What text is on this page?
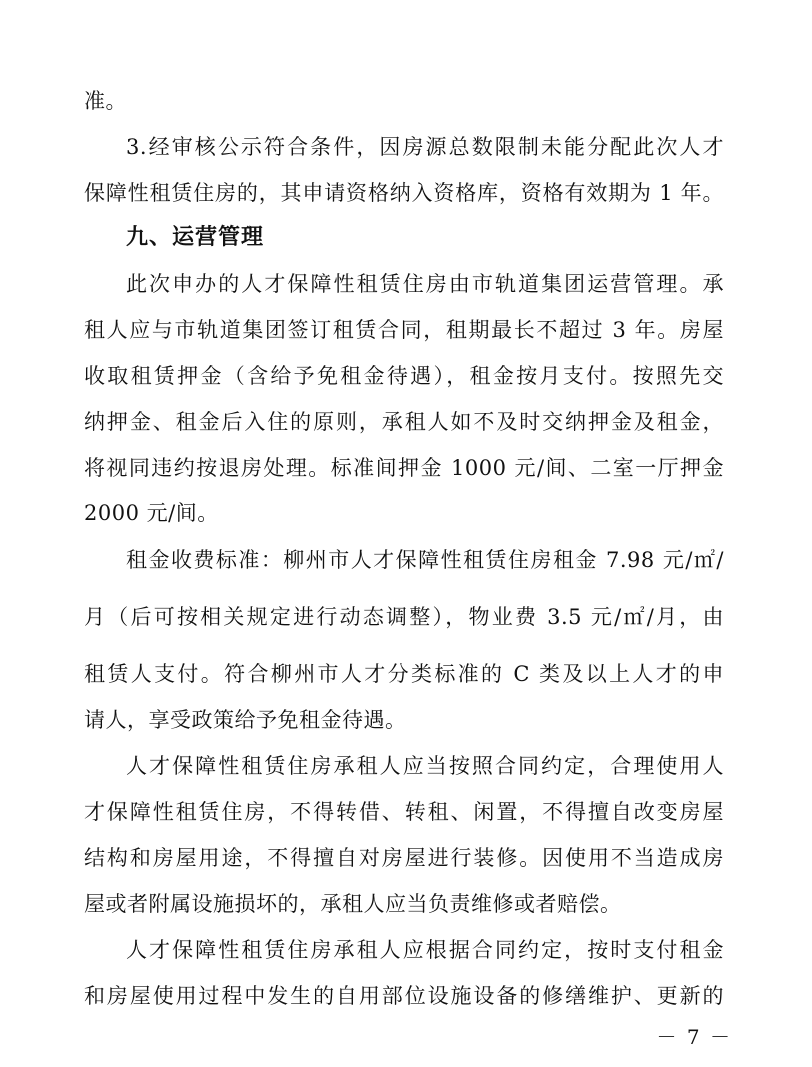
准。
3.经审核公示符合条件，因房源总数限制未能分配此次人才
保障性租赁住房的，其申请资格纳入资格库，资格有效期为 1 年。
九、运营管理
此次申办的人才保障性租赁住房由市轨道集团运营管理。承
租人应与市轨道集团签订租赁合同，租期最长不超过 3 年。房屋
收取租赁押金（含给予免租金待遇），租金按月支付。按照先交
纳押金、租金后入住的原则，承租人如不及时交纳押金及租金，
将视同违约按退房处理。标准间押金 1000 元/间、二室一厅押金
2000 元/间。
租金收费标准：柳州市人才保障性租赁住房租金 7.98 元/㎡/
月（后可按相关规定进行动态调整），物业费 3.5 元/㎡/月，由
租赁人支付。符合柳州市人才分类标准的 C 类及以上人才的申
请人，享受政策给予免租金待遇。
人才保障性租赁住房承租人应当按照合同约定，合理使用人
才保障性租赁住房，不得转借、转租、闲置，不得擅自改变房屋
结构和房屋用途，不得擅自对房屋进行装修。因使用不当造成房
屋或者附属设施损坏的，承租人应当负责维修或者赔偿。
人才保障性租赁住房承租人应根据合同约定，按时支付租金
和房屋使用过程中发生的自用部位设施设备的修缮维护、更新的
－ 7 －
